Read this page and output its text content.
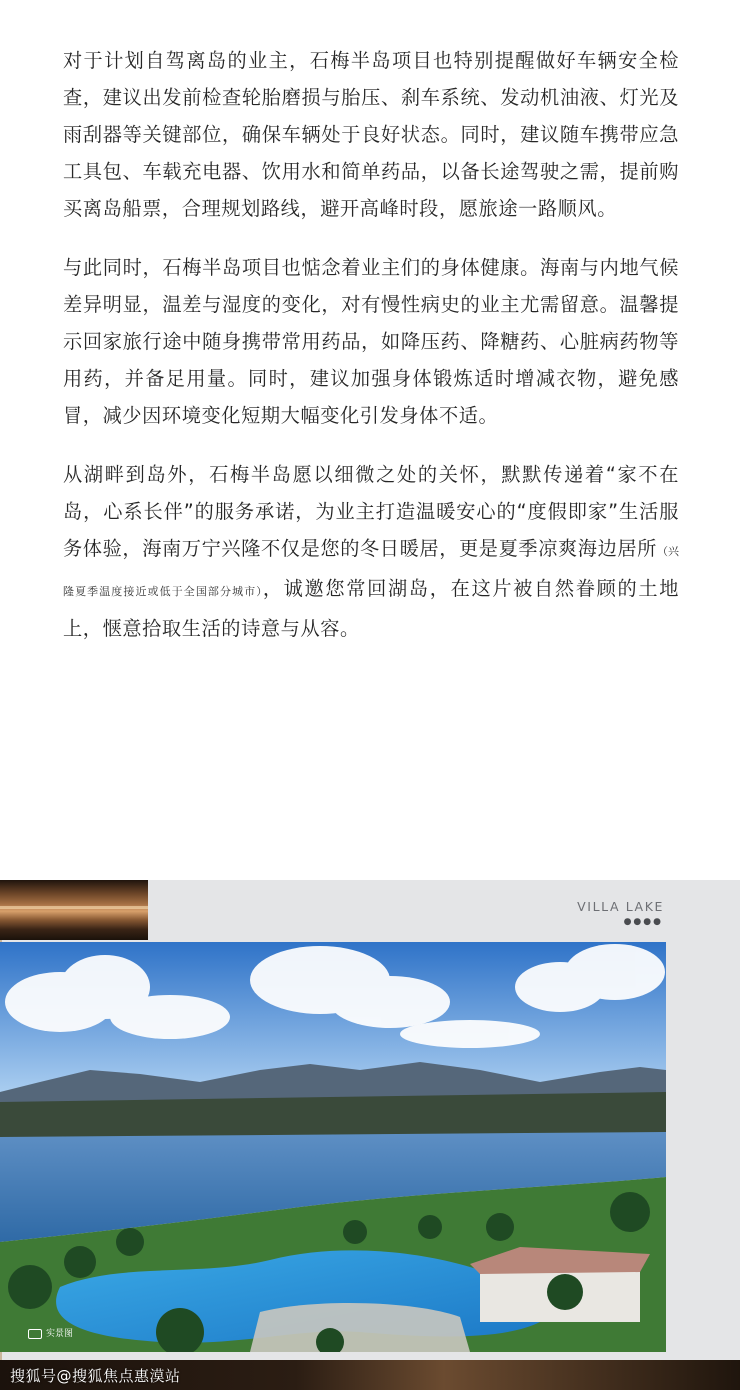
对于计划自驾离岛的业主，石梅半岛项目也特别提醒做好车辆安全检查，建议出发前检查轮胎磨损与胎压、刹车系统、发动机油液、灯光及雨刮器等关键部位，确保车辆处于良好状态。同时，建议随车携带应急工具包、车载充电器、饮用水和简单药品，以备长途驾驶之需，提前购买离岛船票，合理规划路线，避开高峰时段，愿旅途一路顺风。

与此同时，石梅半岛项目也惦念着业主们的身体健康。海南与内地气候差异明显，温差与湿度的变化，对有慢性病史的业主尤需留意。温馨提示回家旅行途中随身携带常用药品，如降压药、降糖药、心脏病药物等用药，并备足用量。同时，建议加强身体锻炼适时增减衣物，避免感冒，减少因环境变化短期大幅变化引发身体不适。

从湖畔到岛外，石梅半岛愿以细微之处的关怀，默默传递着“家不在岛，心系长伴”的服务承诺，为业主打造温暖安心的“度假即家”生活服务体验，海南万宁兴隆不仅是您的冬日暖居，更是夏季凉爽海边居所（兴隆夏季温度接近或低于全国部分城市），诚邀您常回湖岛，在这片被自然眷顾的土地上，惬意拾取生活的诗意与从容。

VILLA LAKE
●●●●
实景图
搜狐号@搜狐焦点惠漠站
